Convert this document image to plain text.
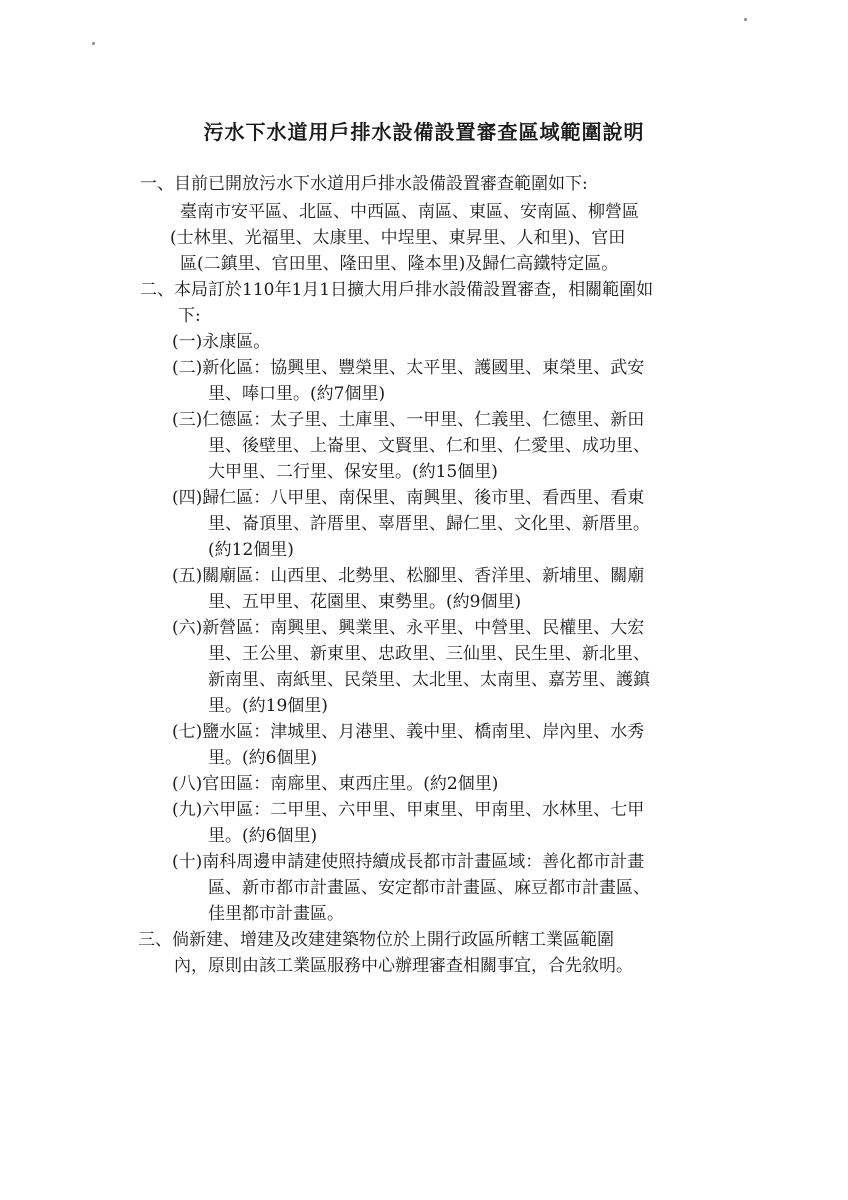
污水下水道用戶排水設備設置審查區域範圍說明
一、目前已開放污水下水道用戶排水設備設置審查範圍如下:
臺南市安平區、北區、中西區、南區、東區、安南區、柳營區
(士林里、光福里、太康里、中埕里、東昇里、人和里)、官田
區(二鎮里、官田里、隆田里、隆本里)及歸仁高鐵特定區。
二、本局訂於110年1月1日擴大用戶排水設備設置審查，相關範圍如
下:
(一)永康區。
(二)新化區：協興里、豐榮里、太平里、護國里、東榮里、武安
里、唪口里。(約7個里)
(三)仁德區：太子里、土庫里、一甲里、仁義里、仁德里、新田
里、後壁里、上崙里、文賢里、仁和里、仁愛里、成功里、
大甲里、二行里、保安里。(約15個里)
(四)歸仁區：八甲里、南保里、南興里、後市里、看西里、看東
里、崙頂里、許厝里、辜厝里、歸仁里、文化里、新厝里。
(約12個里)
(五)關廟區：山西里、北勢里、松腳里、香洋里、新埔里、關廟
里、五甲里、花園里、東勢里。(約9個里)
(六)新營區：南興里、興業里、永平里、中營里、民權里、大宏
里、王公里、新東里、忠政里、三仙里、民生里、新北里、
新南里、南紙里、民榮里、太北里、太南里、嘉芳里、護鎮
里。(約19個里)
(七)鹽水區：津城里、月港里、義中里、橋南里、岸內里、水秀
里。(約6個里)
(八)官田區：南廍里、東西庄里。(約2個里)
(九)六甲區：二甲里、六甲里、甲東里、甲南里、水林里、七甲
里。(約6個里)
(十)南科周邊申請建使照持續成長都市計畫區域：善化都市計畫
區、新市都市計畫區、安定都市計畫區、麻豆都市計畫區、
佳里都市計畫區。
三、倘新建、增建及改建建築物位於上開行政區所轄工業區範圍
內，原則由該工業區服務中心辦理審查相關事宜，合先敘明。
